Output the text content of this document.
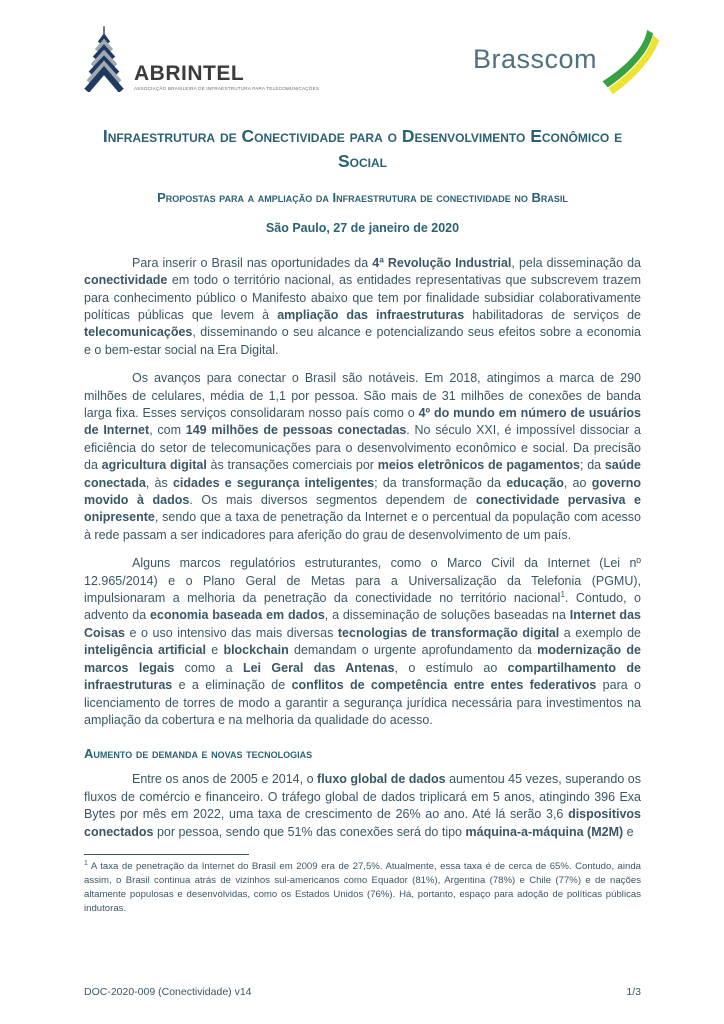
ABRINTEL
ASSOCIAÇÃO BRASILEIRA DE INFRAESTRUTURA PARA TELECOMUNICAÇÕES
Brasscom
Infraestrutura de Conectividade para o Desenvolvimento Econômico e Social
Propostas para a ampliação da Infraestrutura de conectividade no Brasil
São Paulo, 27 de janeiro de 2020

Para inserir o Brasil nas oportunidades da 4ª Revolução Industrial, pela disseminação da conectividade em todo o território nacional, as entidades representativas que subscrevem trazem para conhecimento público o Manifesto abaixo que tem por finalidade subsidiar colaborativamente políticas públicas que levem à ampliação das infraestruturas habilitadoras de serviços de telecomunicações, disseminando o seu alcance e potencializando seus efeitos sobre a economia e o bem-estar social na Era Digital.

Os avanços para conectar o Brasil são notáveis. Em 2018, atingimos a marca de 290 milhões de celulares, média de 1,1 por pessoa. São mais de 31 milhões de conexões de banda larga fixa. Esses serviços consolidaram nosso país como o 4º do mundo em número de usuários de Internet, com 149 milhões de pessoas conectadas. No século XXI, é impossível dissociar a eficiência do setor de telecomunicações para o desenvolvimento econômico e social. Da precisão da agricultura digital às transações comerciais por meios eletrônicos de pagamentos; da saúde conectada, às cidades e segurança inteligentes; da transformação da educação, ao governo movido à dados. Os mais diversos segmentos dependem de conectividade pervasiva e onipresente, sendo que a taxa de penetração da Internet e o percentual da população com acesso à rede passam a ser indicadores para aferição do grau de desenvolvimento de um país.

Alguns marcos regulatórios estruturantes, como o Marco Civil da Internet (Lei nº 12.965/2014) e o Plano Geral de Metas para a Universalização da Telefonia (PGMU), impulsionaram a melhoria da penetração da conectividade no território nacional$^1$. Contudo, o advento da economia baseada em dados, a disseminação de soluções baseadas na Internet das Coisas e o uso intensivo das mais diversas tecnologias de transformação digital a exemplo de inteligência artificial e blockchain demandam o urgente aprofundamento da modernização de marcos legais como a Lei Geral das Antenas, o estímulo ao compartilhamento de infraestruturas e a eliminação de conflitos de competência entre entes federativos para o licenciamento de torres de modo a garantir a segurança jurídica necessária para investimentos na ampliação da cobertura e na melhoria da qualidade do acesso.

Aumento de demanda e novas tecnologias

Entre os anos de 2005 e 2014, o fluxo global de dados aumentou 45 vezes, superando os fluxos de comércio e financeiro. O tráfego global de dados triplicará em 5 anos, atingindo 396 Exa Bytes por mês em 2022, uma taxa de crescimento de 26% ao ano. Até lá serão 3,6 dispositivos conectados por pessoa, sendo que 51% das conexões será do tipo máquina-a-máquina (M2M) e

$^1$ A taxa de penetração da Internet do Brasil em 2009 era de 27,5%. Atualmente, essa taxa é de cerca de 65%. Contudo, ainda assim, o Brasil continua atrás de vizinhos sul-americanos como Equador (81%), Argentina (78%) e Chile (77%) e de nações altamente populosas e desenvolvidas, como os Estados Unidos (76%). Há, portanto, espaço para adoção de políticas públicas indutoras.
DOC-2020-009 (Conectividade) v14	1/3
